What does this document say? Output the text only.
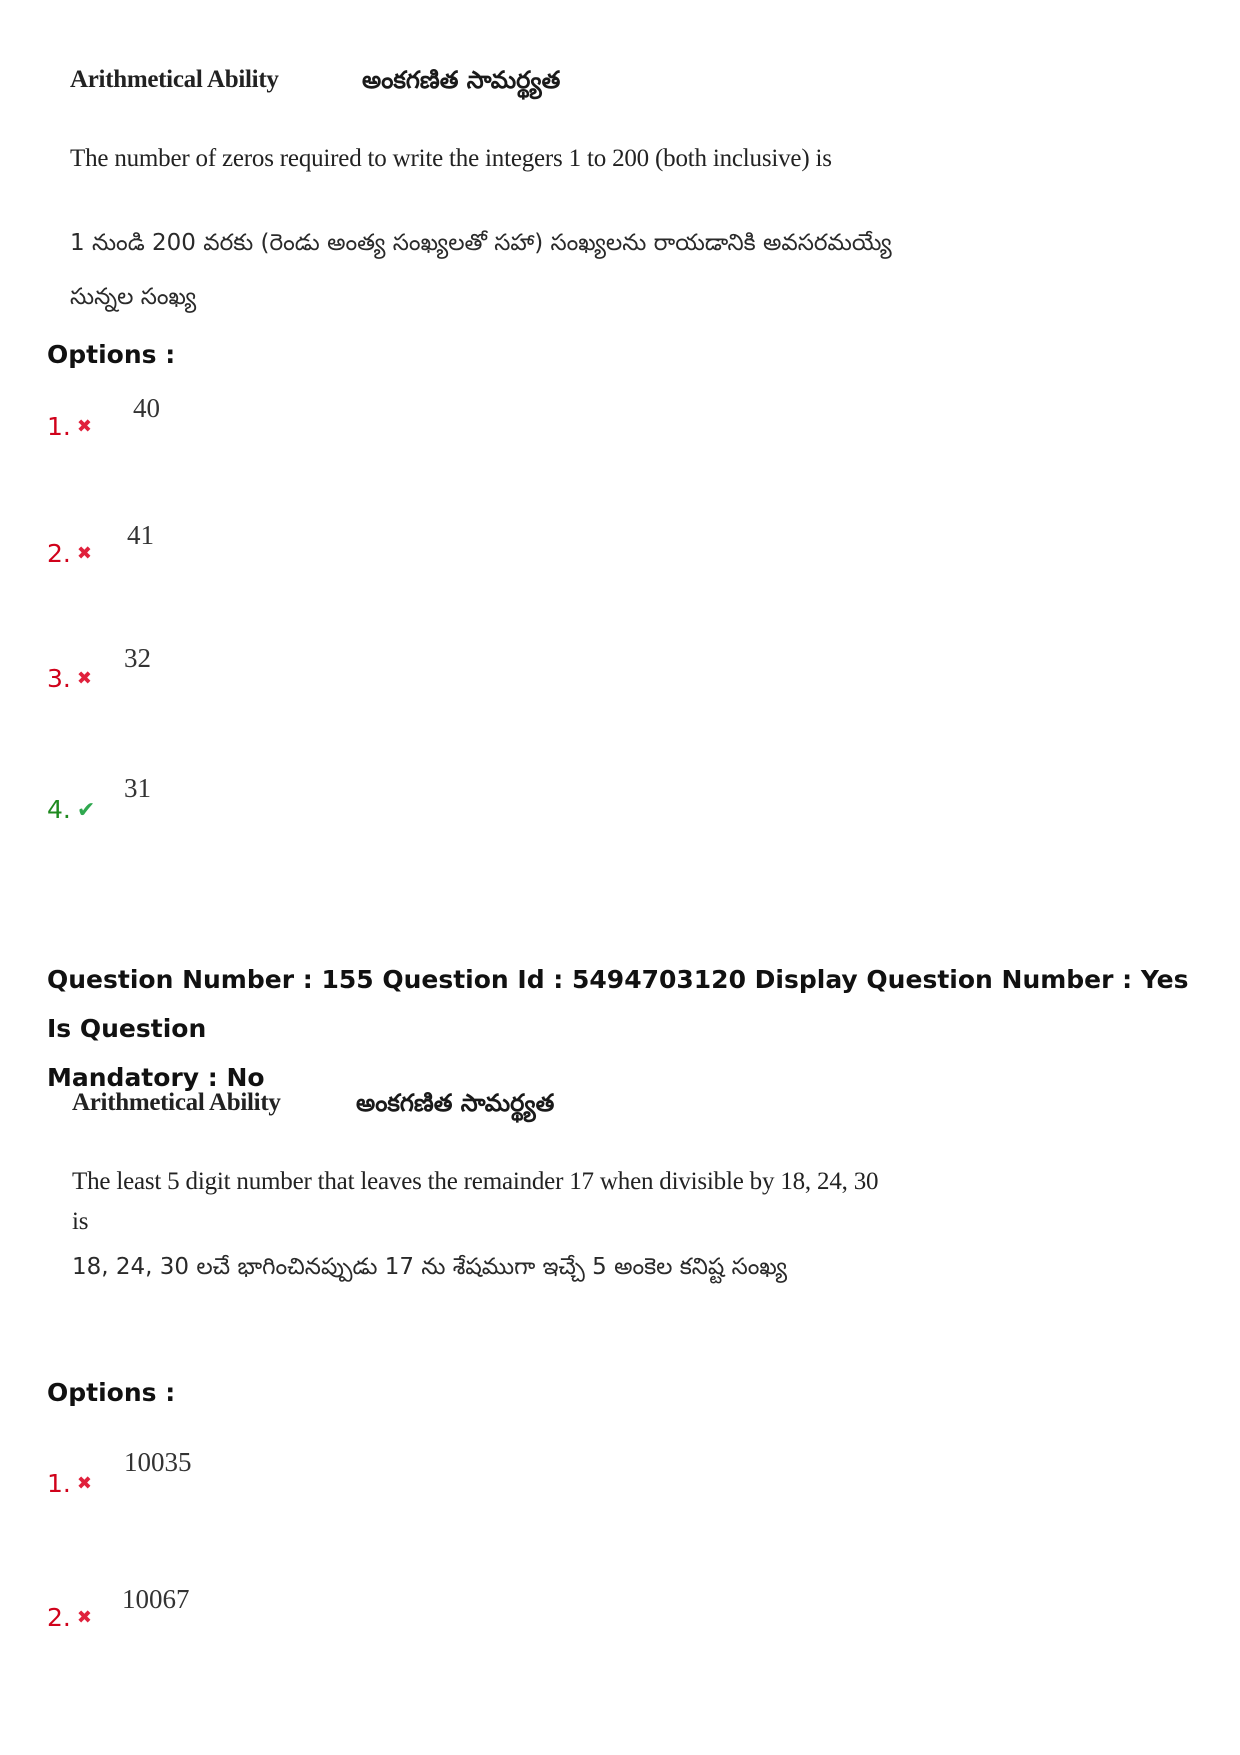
Arithmetical Ability	అంకగణిత సామర్థ్యత
The number of zeros required to write the integers 1 to 200 (both inclusive) is
1 నుండి 200 వరకు (రెండు అంత్య సంఖ్యలతో సహా) సంఖ్యలను రాయడానికి అవసరమయ్యే
సున్నల సంఖ్య
Options :
1. ✖
40
2. ✖
41
3. ✖
32
4. ✔
31
Question Number : 155 Question Id : 5494703120 Display Question Number : Yes Is Question
Mandatory : No
Arithmetical Ability	అంకగణిత సామర్థ్యత
The least 5 digit number that leaves the remainder 17 when divisible by 18, 24, 30
is
18, 24, 30 లచే భాగించినప్పుడు 17 ను శేషముగా ఇచ్చే 5 అంకెల కనిష్ట సంఖ్య
Options :
1. ✖
10035
2. ✖
10067
